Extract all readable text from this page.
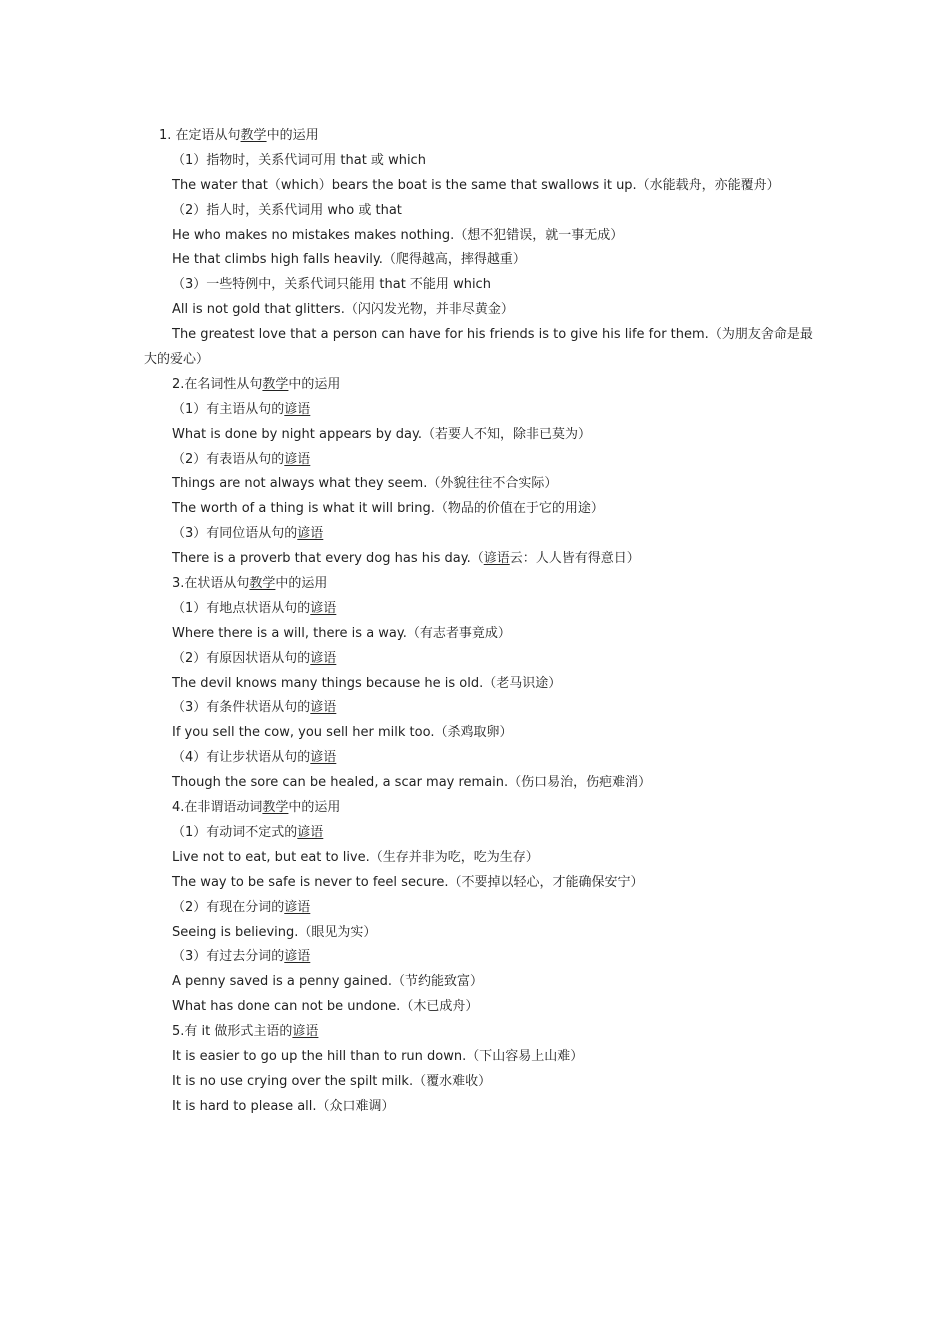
1. 在定语从句教学中的运用
（1）指物时，关系代词可用 that 或 which
The water that（which）bears the boat is the same that swallows it up.（水能载舟，亦能覆舟）
（2）指人时，关系代词用 who 或 that
He who makes no mistakes makes nothing.（想不犯错误，就一事无成）
He that climbs high falls heavily.（爬得越高，摔得越重）
（3）一些特例中，关系代词只能用 that 不能用 which
All is not gold that glitters.（闪闪发光物，并非尽黄金）
The greatest love that a person can have for his friends is to give his life for them.（为朋友舍命是最
大的爱心）
2.在名词性从句教学中的运用
（1）有主语从句的谚语
What is done by night appears by day.（若要人不知，除非已莫为）
（2）有表语从句的谚语
Things are not always what they seem.（外貌往往不合实际）
The worth of a thing is what it will bring.（物品的价值在于它的用途）
（3）有同位语从句的谚语
There is a proverb that every dog has his day.（谚语云：人人皆有得意日）
3.在状语从句教学中的运用
（1）有地点状语从句的谚语
Where there is a will, there is a way.（有志者事竟成）
（2）有原因状语从句的谚语
The devil knows many things because he is old.（老马识途）
（3）有条件状语从句的谚语
If you sell the cow, you sell her milk too.（杀鸡取卵）
（4）有让步状语从句的谚语
Though the sore can be healed, a scar may remain.（伤口易治，伤疤难消）
4.在非谓语动词教学中的运用
（1）有动词不定式的谚语
Live not to eat, but eat to live.（生存并非为吃，吃为生存）
The way to be safe is never to feel secure.（不要掉以轻心，才能确保安宁）
（2）有现在分词的谚语
Seeing is believing.（眼见为实）
（3）有过去分词的谚语
A penny saved is a penny gained.（节约能致富）
What has done can not be undone.（木已成舟）
5.有 it 做形式主语的谚语
It is easier to go up the hill than to run down.（下山容易上山难）
It is no use crying over the spilt milk.（覆水难收）
It is hard to please all.（众口难调）
